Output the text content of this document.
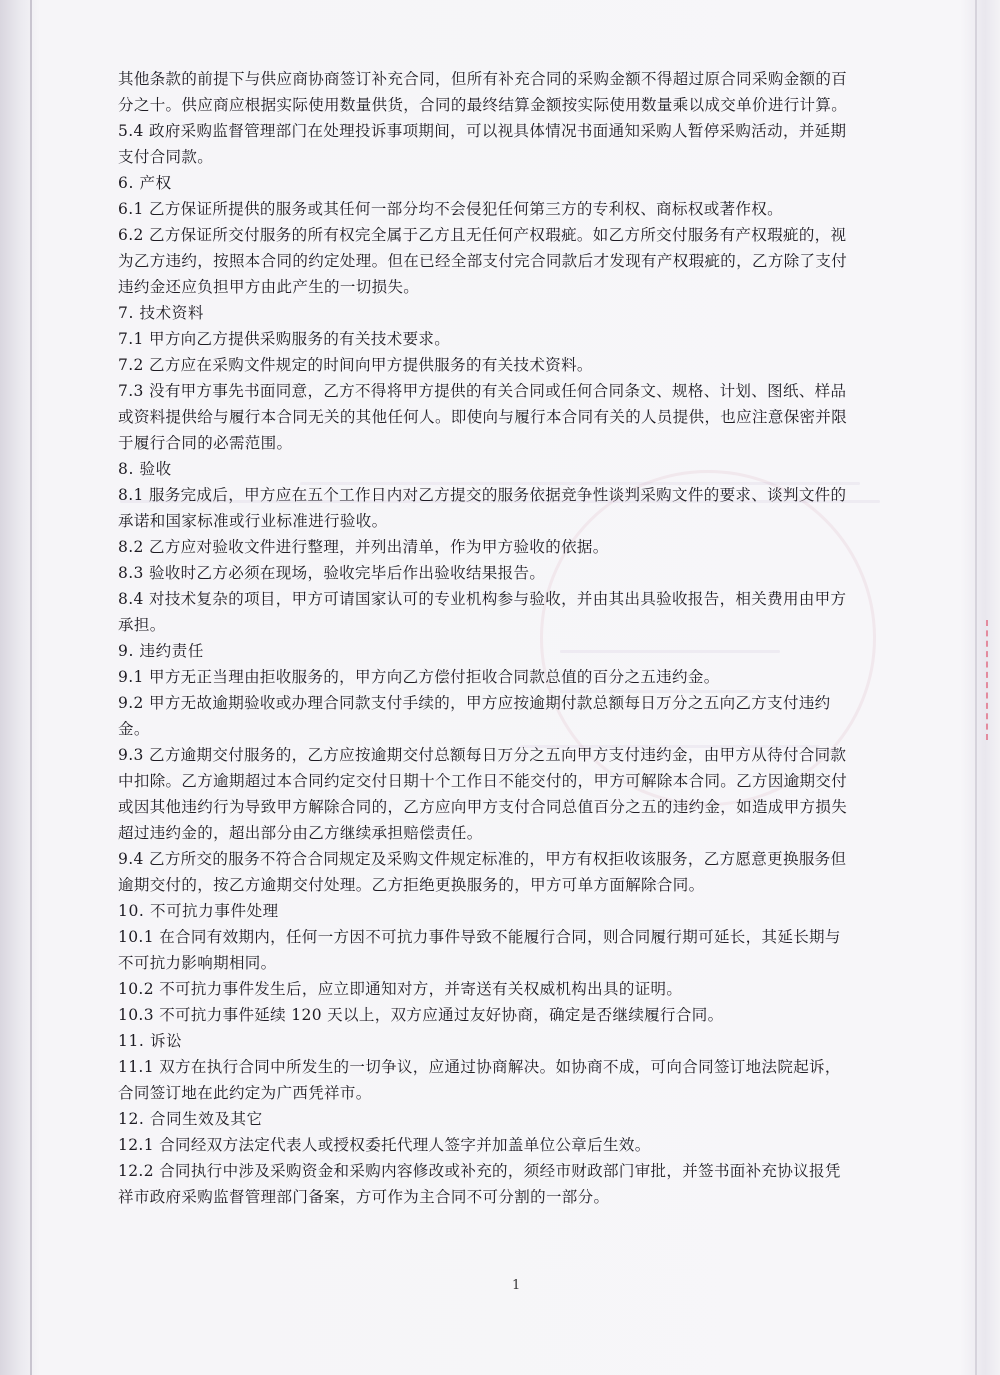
其他条款的前提下与供应商协商签订补充合同，但所有补充合同的采购金额不得超过原合同采购金额的百
分之十。供应商应根据实际使用数量供货，合同的最终结算金额按实际使用数量乘以成交单价进行计算。
5.4 政府采购监督管理部门在处理投诉事项期间，可以视具体情况书面通知采购人暂停采购活动，并延期
支付合同款。
6. 产权
6.1 乙方保证所提供的服务或其任何一部分均不会侵犯任何第三方的专利权、商标权或著作权。
6.2 乙方保证所交付服务的所有权完全属于乙方且无任何产权瑕疵。如乙方所交付服务有产权瑕疵的，视
为乙方违约，按照本合同的约定处理。但在已经全部支付完合同款后才发现有产权瑕疵的，乙方除了支付
违约金还应负担甲方由此产生的一切损失。
7. 技术资料
7.1 甲方向乙方提供采购服务的有关技术要求。
7.2 乙方应在采购文件规定的时间向甲方提供服务的有关技术资料。
7.3 没有甲方事先书面同意，乙方不得将甲方提供的有关合同或任何合同条文、规格、计划、图纸、样品
或资料提供给与履行本合同无关的其他任何人。即使向与履行本合同有关的人员提供，也应注意保密并限
于履行合同的必需范围。
8. 验收
8.1 服务完成后，甲方应在五个工作日内对乙方提交的服务依据竞争性谈判采购文件的要求、谈判文件的
承诺和国家标准或行业标准进行验收。
8.2 乙方应对验收文件进行整理，并列出清单，作为甲方验收的依据。
8.3 验收时乙方必须在现场，验收完毕后作出验收结果报告。
8.4 对技术复杂的项目，甲方可请国家认可的专业机构参与验收，并由其出具验收报告，相关费用由甲方
承担。
9. 违约责任
9.1 甲方无正当理由拒收服务的，甲方向乙方偿付拒收合同款总值的百分之五违约金。
9.2 甲方无故逾期验收或办理合同款支付手续的，甲方应按逾期付款总额每日万分之五向乙方支付违约
金。
9.3 乙方逾期交付服务的，乙方应按逾期交付总额每日万分之五向甲方支付违约金，由甲方从待付合同款
中扣除。乙方逾期超过本合同约定交付日期十个工作日不能交付的，甲方可解除本合同。乙方因逾期交付
或因其他违约行为导致甲方解除合同的，乙方应向甲方支付合同总值百分之五的违约金，如造成甲方损失
超过违约金的，超出部分由乙方继续承担赔偿责任。
9.4 乙方所交的服务不符合合同规定及采购文件规定标准的，甲方有权拒收该服务，乙方愿意更换服务但
逾期交付的，按乙方逾期交付处理。乙方拒绝更换服务的，甲方可单方面解除合同。
10. 不可抗力事件处理
10.1 在合同有效期内，任何一方因不可抗力事件导致不能履行合同，则合同履行期可延长，其延长期与
不可抗力影响期相同。
10.2 不可抗力事件发生后，应立即通知对方，并寄送有关权威机构出具的证明。
10.3 不可抗力事件延续 120 天以上，双方应通过友好协商，确定是否继续履行合同。
11. 诉讼
11.1 双方在执行合同中所发生的一切争议，应通过协商解决。如协商不成，可向合同签订地法院起诉，
合同签订地在此约定为广西凭祥市。
12. 合同生效及其它
12.1 合同经双方法定代表人或授权委托代理人签字并加盖单位公章后生效。
12.2 合同执行中涉及采购资金和采购内容修改或补充的，须经市财政部门审批，并签书面补充协议报凭
祥市政府采购监督管理部门备案，方可作为主合同不可分割的一部分。
1
